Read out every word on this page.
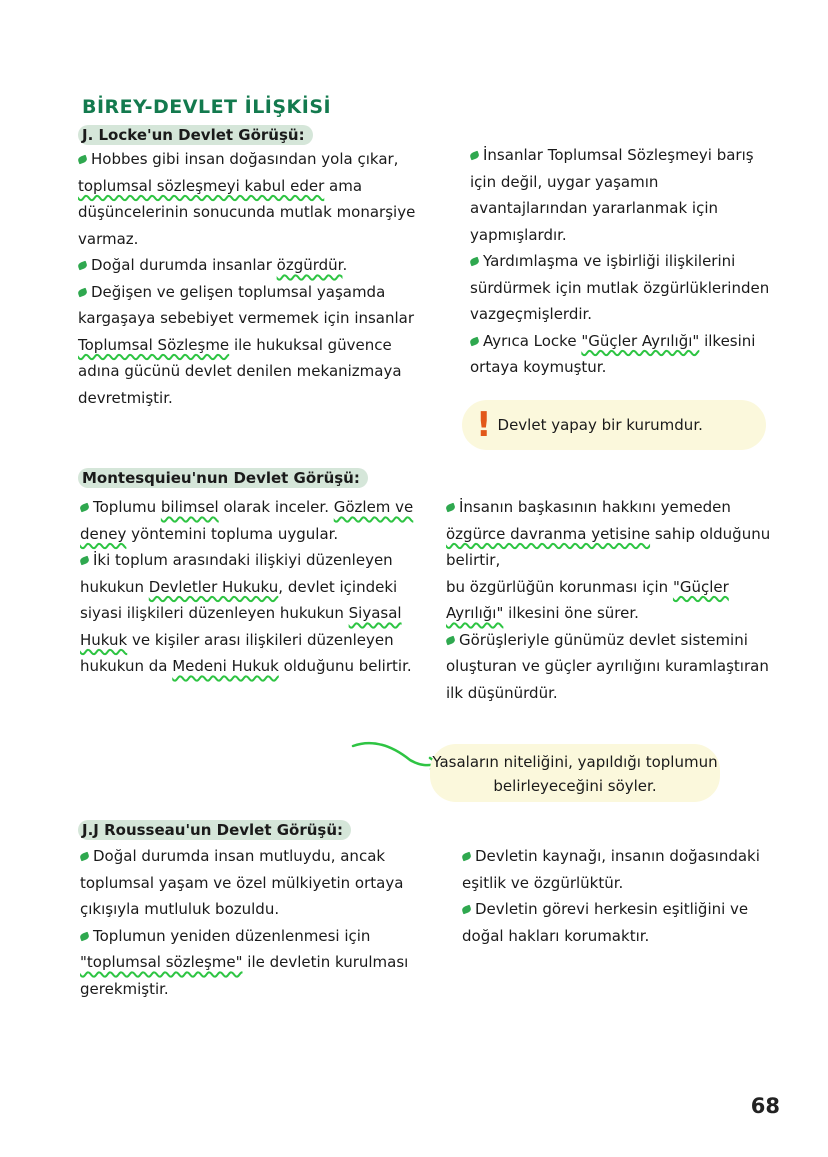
BİREY-DEVLET İLİŞKİSİ
J. Locke'un Devlet Görüşü:

Hobbes gibi insan doğasından yola çıkar, toplumsal sözleşmeyi kabul eder ama düşüncelerinin sonucunda mutlak monarşiye varmaz.

Doğal durumda insanlar özgürdür.

Değişen ve gelişen toplumsal yaşamda kargaşaya sebebiyet vermemek için insanlar Toplumsal Sözleşme ile hukuksal güvence adına gücünü devlet denilen mekanizmaya devretmiştir.

İnsanlar Toplumsal Sözleşmeyi barış için değil, uygar yaşamın avantajlarından yararlanmak için yapmışlardır.

Yardımlaşma ve işbirliği ilişkilerini sürdürmek için mutlak özgürlüklerinden vazgeçmişlerdir.

Ayrıca Locke "Güçler Ayrılığı" ilkesini ortaya koymuştur.

! Devlet yapay bir kurumdur.
Montesquieu'nun Devlet Görüşü:

Toplumu bilimsel olarak inceler. Gözlem ve deney yöntemini topluma uygular.

İki toplum arasındaki ilişkiyi düzenleyen hukukun Devletler Hukuku, devlet içindeki siyasi ilişkileri düzenleyen hukukun Siyasal Hukuk ve kişiler arası ilişkileri düzenleyen hukukun da Medeni Hukuk olduğunu belirtir.

İnsanın başkasının hakkını yemeden özgürce davranma yetisine sahip olduğunu belirtir,

bu özgürlüğün korunması için "Güçler Ayrılığı" ilkesini öne sürer.

Görüşleriyle günümüz devlet sistemini oluşturan ve güçler ayrılığını kuramlaştıran ilk düşünürdür.

Yasaların niteliğini, yapıldığı toplumun belirleyeceğini söyler.
J.J Rousseau'un Devlet Görüşü:

Doğal durumda insan mutluydu, ancak toplumsal yaşam ve özel mülkiyetin ortaya çıkışıyla mutluluk bozuldu.

Toplumun yeniden düzenlenmesi için "toplumsal sözleşme" ile devletin kurulması gerekmiştir.

Devletin kaynağı, insanın doğasındaki eşitlik ve özgürlüktür.

Devletin görevi herkesin eşitliğini ve doğal hakları korumaktır.

68
